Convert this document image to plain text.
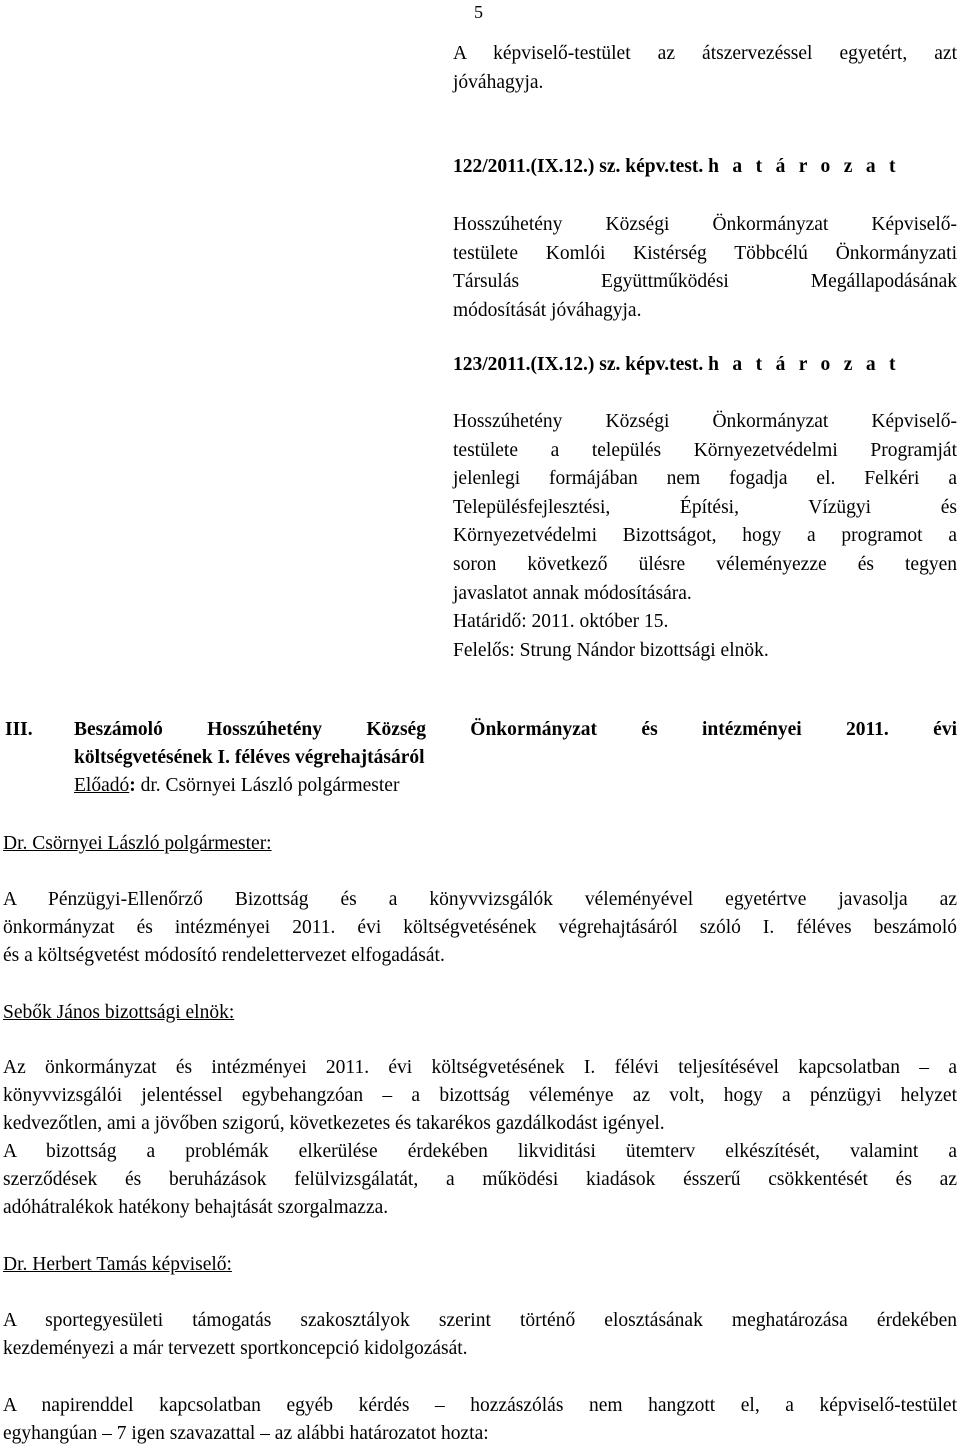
5
A képviselő-testület az átszervezéssel egyetért, azt
jóváhagyja.
122/2011.(IX.12.) sz. képv.test. h a t á r o z a t
Hosszúhetény Községi Önkormányzat Képviselő-
testülete Komlói Kistérség Többcélú Önkormányzati
Társulás Együttműködési Megállapodásának
módosítását jóváhagyja.
123/2011.(IX.12.) sz. képv.test. h a t á r o z a t
Hosszúhetény Községi Önkormányzat Képviselő-
testülete a település Környezetvédelmi Programját
jelenlegi formájában nem fogadja el. Felkéri a
Településfejlesztési, Építési, Vízügyi és
Környezetvédelmi Bizottságot, hogy a programot a
soron következő ülésre véleményezze és tegyen
javaslatot annak módosítására.
Határidő: 2011. október 15.
Felelős: Strung Nándor bizottsági elnök.
III. Beszámoló Hosszúhetény Község Önkormányzat és intézményei 2011. évi
költségvetésének I. féléves végrehajtásáról
Előadó: dr. Csörnyei László polgármester
Dr. Csörnyei László polgármester:
A Pénzügyi-Ellenőrző Bizottság és a könyvvizsgálók véleményével egyetértve javasolja az
önkormányzat és intézményei 2011. évi költségvetésének végrehajtásáról szóló I. féléves beszámoló
és a költségvetést módosító rendelettervezet elfogadását.
Sebők János bizottsági elnök:
Az önkormányzat és intézményei 2011. évi költségvetésének I. félévi teljesítésével kapcsolatban – a
könyvvizsgálói jelentéssel egybehangzóan – a bizottság véleménye az volt, hogy a pénzügyi helyzet
kedvezőtlen, ami a jövőben szigorú, következetes és takarékos gazdálkodást igényel.
A bizottság a problémák elkerülése érdekében likviditási ütemterv elkészítését, valamint a
szerződések és beruházások felülvizsgálatát, a működési kiadások ésszerű csökkentését és az
adóhátralékok hatékony behajtását szorgalmazza.
Dr. Herbert Tamás képviselő:
A sportegyesületi támogatás szakosztályok szerint történő elosztásának meghatározása érdekében
kezdeményezi a már tervezett sportkoncepció kidolgozását.
A napirenddel kapcsolatban egyéb kérdés – hozzászólás nem hangzott el, a képviselő-testület
egyhangúan – 7 igen szavazattal – az alábbi határozatot hozta:
